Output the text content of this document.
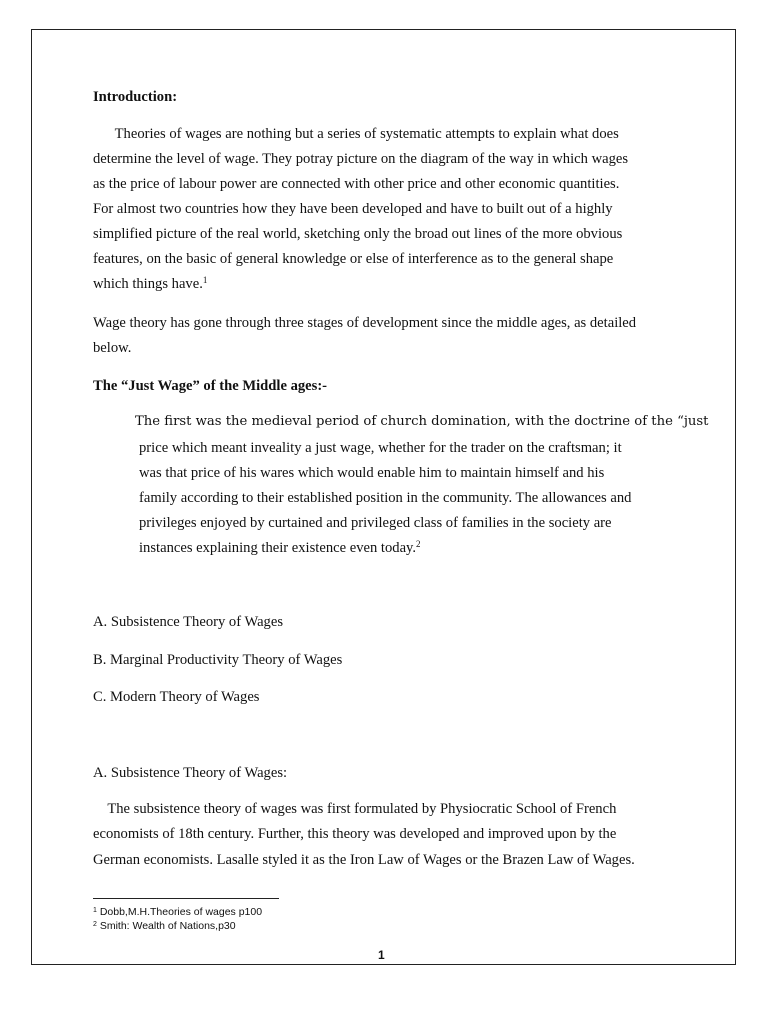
Introduction:
Theories of wages are nothing but a series of systematic attempts to explain what does
determine the level of wage. They potray picture on the diagram of the way in which wages
as the price of labour power are connected with other price and other economic quantities.
For almost two countries how they have been developed and have to built out of a highly
simplified picture of the real world, sketching only the broad out lines of the more obvious
features, on the basic of general knowledge or else of interference as to the general shape
which things have.$^1$
Wage theory has gone through three stages of development since the middle ages, as detailed
below.
The “Just Wage” of the Middle ages:-
The first was the medieval period of church domination, with the doctrine of the “just
price which meant inveality a just wage, whether for the trader on the craftsman; it
was that price of his wares which would enable him to maintain himself and his
family according to their established position in the community. The allowances and
privileges enjoyed by curtained and privileged class of families in the society are
instances explaining their existence even today.$^2$
A. Subsistence Theory of Wages
B. Marginal Productivity Theory of Wages
C. Modern Theory of Wages
A. Subsistence Theory of Wages:
The subsistence theory of wages was first formulated by Physiocratic School of French
economists of 18th century. Further, this theory was developed and improved upon by the
German economists. Lasalle styled it as the Iron Law of Wages or the Brazen Law of Wages.
$^1$ Dobb,M.H.Theories of wages p100
$^2$ Smith: Wealth of Nations,p30
1
